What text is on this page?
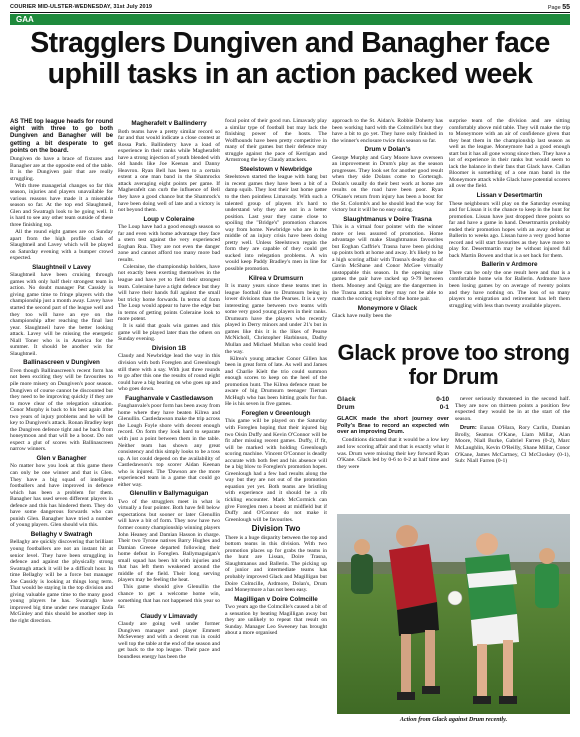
COURIER MID-ULSTER-WEDNESDAY, 31st July 2019	Page 55
GAA
Stragglers Dungiven and Banagher face uphill tasks in an action packed week

AS THE top league heads for round eight with three to go both Dungiven and Banagher will be getting a bit desperate to get points on the board.

Dungiven do have a brace of fixtures and Banagher are at the opposite end of the table. It is the Dungiven pair that are really struggling.

With three managerial changes so far this season, injuries and players unavailable for various reasons have made it a miserable season so far. At the top end Slaughtneil, Glen and Swatragh look to be going well. It is hard to see any other team outside of these three finishing top.

All the round eight games are on Sunday apart from the high profile clash of Slaughtneil and Lavey which will be played on Saturday evening with a bumper crowd expected.

Slaughtneil v Lavey

Slaughtneil have been cruising through games with only half their strongest team in action. No doubt manager Pat Cassidy is giving game time to fringe players with the championship just a month away. Lavey have started the second part of the league well and they too will have an eye on the championship after reaching the final last year. Slaughtneil have the better looking attack. Lavey will be missing the energetic Niall Toner who is in America for the summer. It should be another win for Slaughtneil.

Ballinascreen v Dungiven

Even though Ballinascreen's recent form has not been exciting they will be favourites to pile more misery on Dungiven's poor season. Dungiven of course cannot be discounted but they need to be improving quickly if they are to move clear of the relegation situation. Conor Murphy is back to his best again after two years of injury problems and he will be key to Dungiven's attack. Ronan Bradley kept the Dungiven defence tight and he back from honeymoon and that will be a boost. Do not expect a glut of scores with Ballinascreen narrow winners.

Glen v Banagher

No matter how you look at this game there can only be one winner and that is Glen. They have a big squad of intelligent footballers and have improved in defence which has been a problem for them. Banagher has used seven different players in defence and this has hindered them. They do have some dangerous forwards who can punish Glen. Banagher have tried a number of young players. Glen should win this.

Bellaghy v Swatragh

Bellaghy are quickly discovering that brilliant young footballers are not an instant hit at senior level. They have been struggling in defence and against the physically strong Swatragh attack it will be a difficult hour. In time Bellaghy will be a force but manager Joe Cassidy is looking at things long term. That would be staying in the top division and giving valuable game time to the many good young players he has. Swatragh have improved big time under new manager Enda McGinley and this should be another step in the right direction.

Magherafelt v Ballinderry

Both teams have a pretty similar record so far and that would indicate a close contest at Rossa Park. Ballinderry have a load of experience in their ranks while Magherafelt have a strong injection of youth blended with old hands like Joe Keenan and Danny Heavron. Ryan Bell has been to a certain extent a one man band in the Shamrocks attack averaging eight points per game. If Magherafelt can curb the influence of Bell they have a good chance but the Shamrock's have been doing well of late and a victory is not beyond them.

Loup v Coleraine

The Loup have had a good enough season so far and even with home advantage they face a stern test against the very experienced Eoghan Rua. They are not even the danger zone and cannot afford too many more bad results.

Coleraine, the championship holders, have not exactly been exerting themselves in the league and have yet to field their strongest team. Coleraine have a tight defence but they will have their hands full against the small but tricky home forwards. In terms of form The Loup would appear to have the edge but in terms of getting points Coleraine look to more potent.

It is said that goals win games and this game will be played later than the others on Sunday evening.

Division 1B

Claudy and Newbridge lead the way in this division with both Foreglen and Greenlough still there with a say. With just three rounds to go after this one the results of round eight could have a big bearing on who goes up and who goes down.

Faughanvale v Castledawson

Faughanvale's poor form has been away from home where they have beaten Kilrea and Glenullin. Castledawson make the trip across the Lough Foyle shore with decent enough record. On form they look hard to separate with just a point between them in the table. Neither team has shown any great consistency and this simply looks to be a toss up. A lot could depend on the availability of Castledawson's top scorer Aidan Keenan who is injured. The 'Dawson are the more experienced team in a game that could go either way.

Glenullin v Ballymaguigan

Two of the strugglers meet in what is virtually a four pointer. Both have fell below expectations but sooner or later Glenullin will have a bit of form. They now have two former county championship winning players John Heaney and Damian Hasson in charge. Their two Tyrone natives Barry Hughes and Damian Greene departed following their home defeat in Foreglen. Ballymaguigan's small squad has been hit with injuries and that has left them weakened around the middle of the field. Their long serving players may be feeling the heat.

This game should give Glenullin the chance to get a welcome home win, something that has not happened this year so far.

Claudy v Limavady

Claudy are going well under former Dungiven manager and player Emmett McSeveney and with a decent run in could well top the table at the end of the season and get back to the top league. Their pace and boundless energy has been the

focal point of their good run. Limavady play a similar type of football but may lack the finishing power of the hosts. The Wolfhounds have been pretty competitive in many of their games but their defence may struggle against the pace of Kerrigan and Armstrong the key Claudy attackers.

Steelstown v Newbridge

Steelstown started the league with bang but in recent games they have been a bit of a damp squib. They lost their last home game to the then pointless Limavady. With such a talented group of players it's hard to understand why they are not in a better position. Last year they came close to spoiling the "Bridge's" promotion chances way from home. Newbridge who are in the middle of an injury crisis have been doing pretty well. Unless Steelstown regain the form they are capable of they could get sucked into relegation problems. A win would keep Paddy Bradley's men in line for possible promotion.

Kilrea v Drumsurn

It is many years since these teams met in league football due to Drumsurn being in lower divisions than the Pearses. It is a very interesting game between two teams with some very good young players in their ranks. Drumsurn have the players who recently played in Derry minors and under 21's but in games like this it is the likes of Pearse McNicholl, Christopher Harbinson, Dadhy Mullan and Michael Mullan who could lead the way.

Kilrea's young attacker Conor Gillen has been in great form of late. As well and James and Charlie Kielt the trio could summon enough scores to keep on the heel of the promotion hunt. The Kilrea defence must be aware of big Drumsurn teenager Tiernan McHugh who has been hitting goals for fun. He is his seven in five games.

Foreglen v Greenlough

This game will be played on the Saturday with Foreglen hoping that their injured big two Oisin Duffy and Kevin O'Connor will be fit after missing recent games. Duffy, if fit, will be marked with holding Greenlough scoring machine. Vincent O'Connor is deadly accurate with both feet and his absence will be a big blow to Foreglen's promotion hopes. Greenlough had a few bad results along the way but they are not out of the promotion equation yet yet. Both teams are bristling with experience and it should be a rib tickling encounter. Mark McCormick can give Foreglen men a boost at midfield but if Duffy and O'Connor do not make it Greenlough will be favourites.

Division Two

There is a huge disparity between the top and bottom teams in this division. With two promotion places up for grabs the teams in the hunt are Lissan, Doire Trasna, Slaughtmanus and Ballerin. The picking up of junior and intermediate teams has probably improved Glack and Magilligan but Doire Colmcille, Ardmore, Dolan's, Drum and Moneymore a has not been easy.

Magilligan v Doire Colmcille

Two years ago the Colmcille's caused a bit of a sensation by beating Magilligan away but they are unlikely to repeat that result on Sunday. Manager Leo Sweeney has brought about a more organised

approach to the St. Aidan's. Robbie Doherty has been working hard with the Colmcille's but they have a bit to go yet. They have only finished in the winner's enclosure twice this season so far.

Drum v Dolan's

George Murphy and Gary Moore have overseen an improvement in Drum's play as the season progresses. They look set for another good result when they side Dolans come to Gorteragh. Dolan's usually do their best work at home are results on the road have been poor. Ryan O'Kane's return from injury has been a boost for the St. Colomb's and he should lead the way for victory but it will be no easy outing.

Slaughtmanus v Doire Trasna

This is a virtual four pointer with the winner more or less assured of promotion. Home advantage will make Slaughtmanus favourites but Eoghan Caffrie's Trasna have been picking up points both at home and away. It's likely to be a high scoring affair with Trasna's deadly duo of Gavin McShane and Conor McGee virtually unstoppable this season. In the opening nine games the pair have racked up 9-79 between them. Mooney and Quigg are the dangermen in the Trasna attack but they may not be able to match the scoring exploits of the home pair.

Moneymore v Glack

Glack have really been the

surprise team of the division and are sitting comfortably above mid table. They will make the trip to Moneymore with an air of confidence given that they beat them in the championship last season as well as the league. Moneymore had a good enough start but it has all gone wrong since then. They have a lot of experience in their ranks but would seem to lack the balance in their fans that Glack have. Callan Bloomer is something of a one man band in the Moneymore attack while Glack have potential scorers all over the field.

Lissan v Desertmartin

These neighbours will play on the Saturday evening and for Lissan it is the chance to keep in the hunt for promotion. Lissan have just dropped three points so far and have a game in hand. Desertmartin probably ended their promotion hopes with an away defeat at Ballerin to weeks ago. Lissan have a very good home record and will start favourites as they have more to play for. Desertmartin may be without injured full back Martin Bowen and that is a set back for them.

Ballerin v Ardmore

There can be only the one result here and that is a comfortable home win for Ballerin. Ardmore have been losing games by on average of twenty points and they have nothing on. The loss of so many players to emigration and retirement has left them struggling with less than twenty available players.

Glack prove too strong for Drum
Glack	0-10
Drum	0-1

GLACK made the short journey over Polly's Brae to record an expected win over an improving Drum.

Conditions dictated that it would be a low key and low scoring affair and that is exactly what it was. Drum were missing their key forward Ryan O'Kane. Glack led by 0-6 to 0-2 at half time and they were

never seriously threatened in the second half. They are now on thirteen points a position few expected they would be in at the start of the season.

Drum: Eunan O'Hara, Rory Carlin, Damian Brolly, Seamus O'Kane, Liam Millar, Alan Moore, Niall Burke, Gabriel Farren (0-2), Marc McLaughlin, Kevin O'Reilly, Shane Millar, Conor O'Kane, James McCartney, Cl McCloskey (0-1), Sub: Niall Farren (0-1)

Action from Glack against Drum recently.
